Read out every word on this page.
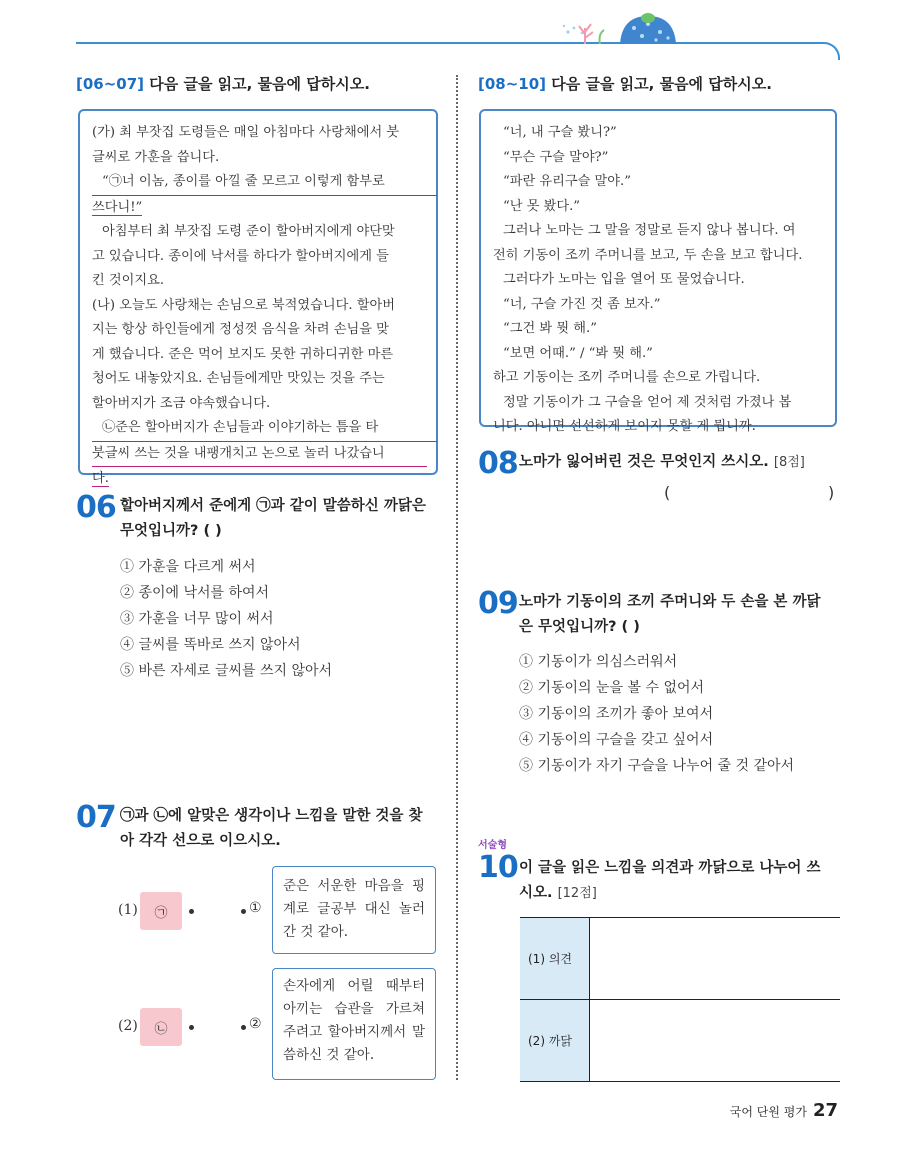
[06~07] 다음 글을 읽고, 물음에 답하시오.
(가) 최 부잣집 도령들은 매일 아침마다 사랑채에서 붓
글씨로 가훈을 씁니다.
“㉠너 이놈, 종이를 아낄 줄 모르고 이렇게 함부로
쓰다니!”
아침부터 최 부잣집 도령 준이 할아버지에게 야단맞
고 있습니다. 종이에 낙서를 하다가 할아버지에게 들
킨 것이지요.
(나) 오늘도 사랑채는 손님으로 북적였습니다. 할아버
지는 항상 하인들에게 정성껏 음식을 차려 손님을 맞
게 했습니다. 준은 먹어 보지도 못한 귀하디귀한 마른
청어도 내놓았지요. 손님들에게만 맛있는 것을 주는
할아버지가 조금 야속했습니다.
㉡준은 할아버지가 손님들과 이야기하는 틈을 타
붓글씨 쓰는 것을 내팽개치고 논으로 놀러 나갔습니
다.
06 할아버지께서 준에게 ㉠과 같이 말씀하신 까닭은
무엇입니까? ( )
① 가훈을 다르게 써서
② 종이에 낙서를 하여서
③ 가훈을 너무 많이 써서
④ 글씨를 똑바로 쓰지 않아서
⑤ 바른 자세로 글씨를 쓰지 않아서
07 ㉠과 ㉡에 알맞은 생각이나 느낌을 말한 것을 찾
아 각각 선으로 이으시오.
(1)	㉠
(2)	㉡
①
준은 서운한 마음을 핑계로 글공부 대신 놀러 간 것 같아.
②
손자에게 어릴 때부터 아끼는 습관을 가르쳐 주려고 할아버지께서 말씀하신 것 같아.
[08~10] 다음 글을 읽고, 물음에 답하시오.
“너, 내 구슬 봤니?”
“무슨 구슬 말야?”
“파란 유리구슬 말야.”
“난 못 봤다.”
그러나 노마는 그 말을 정말로 듣지 않나 봅니다. 여
전히 기동이 조끼 주머니를 보고, 두 손을 보고 합니다.
그러다가 노마는 입을 열어 또 물었습니다.
“너, 구슬 가진 것 좀 보자.”
“그건 봐 뭣 해.”
“보면 어때.” / “봐 뭣 해.”
하고 기동이는 조끼 주머니를 손으로 가립니다.
정말 기동이가 그 구슬을 얻어 제 것처럼 가졌나 봅
니다. 아니면 선선하게 보이지 못할 게 뭡니까.
08 노마가 잃어버린 것은 무엇인지 쓰시오. [8점]
(	)
09 노마가 기동이의 조끼 주머니와 두 손을 본 까닭
은 무엇입니까? ( )
① 기동이가 의심스러워서
② 기동이의 눈을 볼 수 없어서
③ 기동이의 조끼가 좋아 보여서
④ 기동이의 구슬을 갖고 싶어서
⑤ 기동이가 자기 구슬을 나누어 줄 것 같아서
서술형
10 이 글을 읽은 느낌을 의견과 까닭으로 나누어 쓰
시오. [12점]
(1) 의견	
(2) 까닭	
국어 단원 평가 27
